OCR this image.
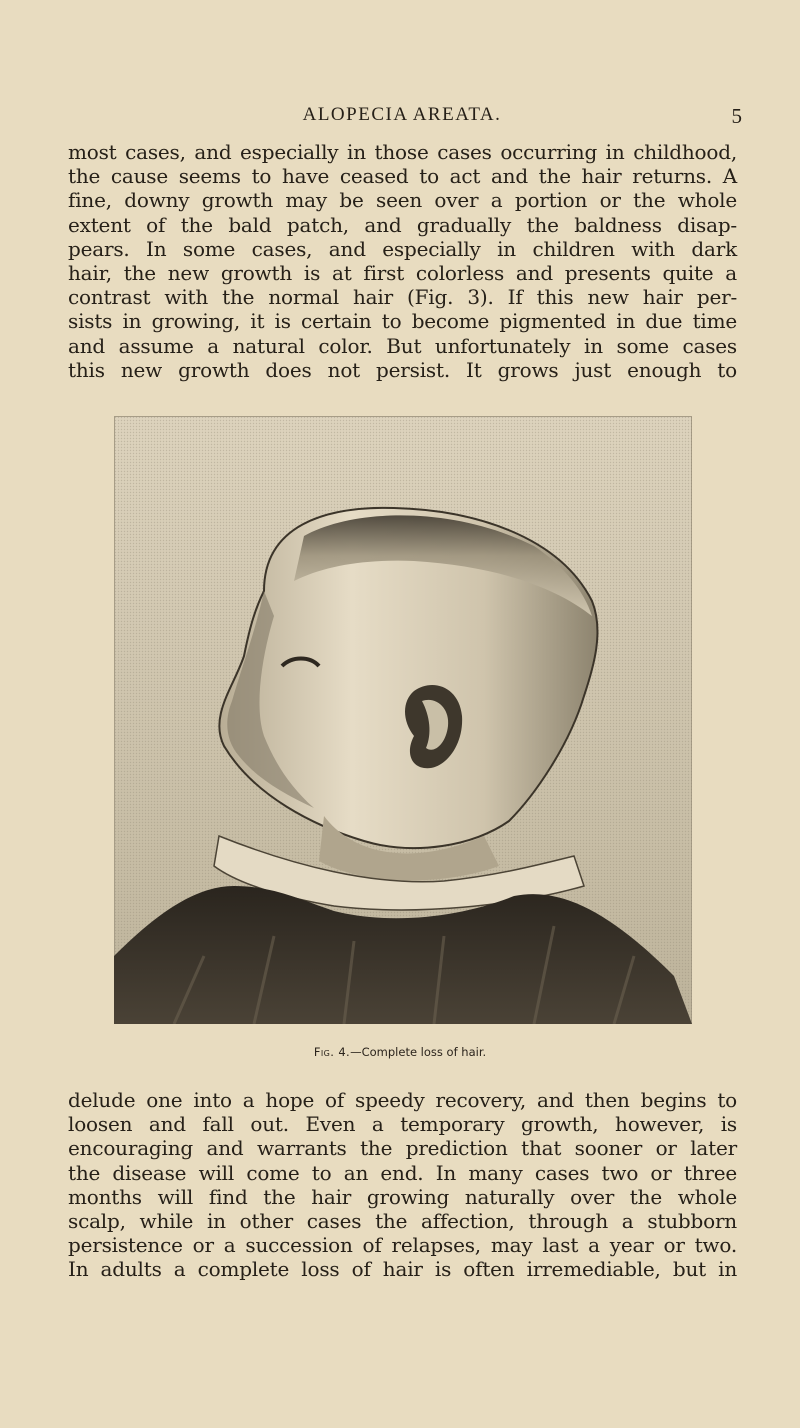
ALOPECIA AREATA.	5

most cases, and especially in those cases occurring in childhood,
the cause seems to have ceased to act and the hair returns. A
fine, downy growth may be seen over a portion or the whole
extent of the bald patch, and gradually the baldness disap-
pears. In some cases, and especially in children with dark
hair, the new growth is at first colorless and presents quite a
contrast with the normal hair (Fig. 3). If this new hair per-
sists in growing, it is certain to become pigmented in due time
and assume a natural color. But unfortunately in some cases
this new growth does not persist. It grows just enough to

Fig. 4.—Complete loss of hair.

delude one into a hope of speedy recovery, and then begins to
loosen and fall out. Even a temporary growth, however, is
encouraging and warrants the prediction that sooner or later
the disease will come to an end. In many cases two or three
months will find the hair growing naturally over the whole
scalp, while in other cases the affection, through a stubborn
persistence or a succession of relapses, may last a year or two.
In adults a complete loss of hair is often irremediable, but in
